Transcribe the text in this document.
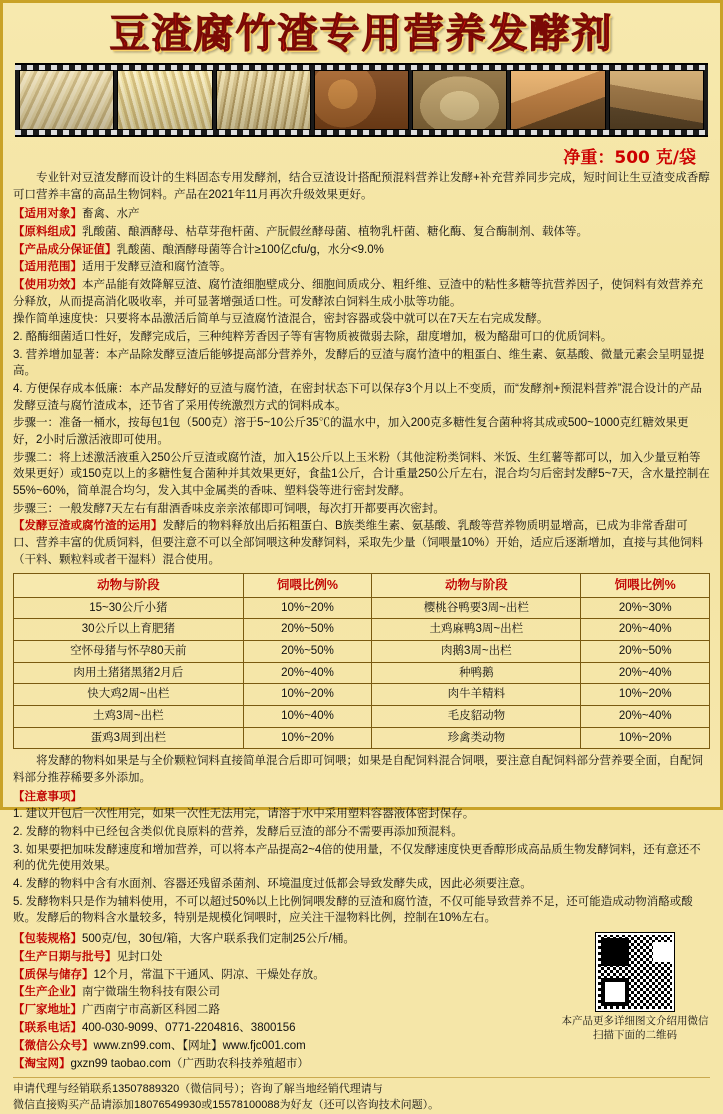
豆渣腐竹渣专用营养发酵剂
净重：500 克/袋

专业针对豆渣发酵而设计的生料固态专用发酵剂，结合豆渣设计搭配预混料营养让发酵+补充营养同步完成，短时间让生豆渣变成香醇可口营养丰富的高品生物饲料。产品在2021年11月再次升级效果更好。

【适用对象】畜禽、水产
【原料组成】乳酸菌、酿酒酵母、枯草芽孢杆菌、产朊假丝酵母菌、植物乳杆菌、糖化酶、复合酶制剂、载体等。
【产品成分保证值】乳酸菌、酿酒酵母菌等合计≥100亿cfu/g，水分<9.0%
【适用范围】适用于发酵豆渣和腐竹渣等。
【使用功效】本产品能有效降解豆渣、腐竹渣细胞壁成分、细胞间质成分、粗纤维、豆渣中的粘性多糖等抗营养因子，使饲料有效营养充分释放，从而提高消化吸收率，并可显著增强适口性。可发酵浓白饲料生成小肽等功能。

操作简单速度快：只要将本品激活后简单与豆渣腐竹渣混合，密封容器或袋中就可以在7天左右完成发酵。

2. 酪酶细菌适口性好，发酵完成后，三种纯粹芳香因子等有害物质被微弱去除，甜度增加，极为酪甜可口的优质饲料。

3. 营养增加显著：本产品除发酵豆渣后能够提高部分营养外，发酵后的豆渣与腐竹渣中的粗蛋白、维生素、氨基酸、微量元素会呈明显提高。

4. 方便保存成本低廉：本产品发酵好的豆渣与腐竹渣，在密封状态下可以保存3个月以上不变质，而“发酵剂+预混料营养”混合设计的产品发酵豆渣与腐竹渣成本，还节省了采用传统激烈方式的饲料成本。

步骤一：准备一桶水，按每包1包（500克）溶于5~10公斤35℃的温水中，加入200克多糖性复合菌种将其成或500~1000克红糖效果更好，2小时后激活液即可使用。

步骤二：将上述激活液重入250公斤豆渣或腐竹渣，加入15公斤以上玉米粉（其他淀粉类饲料、米饭、生红薯等都可以，加入少量豆粕等效果更好）或150克以上的多糖性复合菌种并其效果更好，食盐1公斤，合计重量250公斤左右，混合均匀后密封发酵5~7天，含水量控制在55%~60%，简单混合均匀，发入其中金属类的香味、塑料袋等进行密封发酵。

步骤三：一般发酵7天左右有甜酒香味皮亲亲浓郁即可饲喂，每次打开都要再次密封。

【发酵豆渣或腐竹渣的运用】发酵后的物料释放出后拓粗蛋白、B族类维生素、氨基酸、乳酸等营养物质明显增高，已成为非常香甜可口、营养丰富的优质饲料，但要注意不可以全部饲喂这种发酵饲料，采取先少量（饲喂量10%）开始，适应后逐渐增加，直接与其他饲料（干料、颗粒料或者干湿料）混合使用。
动物与阶段	饲喂比例%	动物与阶段	饲喂比例%
15~30公斤小猪	10%~20%	樱桃谷鸭要3周~出栏	20%~30%
30公斤以上育肥猪	20%~50%	土鸡麻鸭3周~出栏	20%~40%
空怀母猪与怀孕80天前	20%~50%	肉鹅3周~出栏	20%~50%
肉用土猪猪黑猪2月后	20%~40%	种鸭鹅	20%~40%
快大鸡2周~出栏	10%~20%	肉牛羊精料	10%~20%
土鸡3周~出栏	10%~40%	毛皮貂动物	20%~40%
蛋鸡3周到出栏	10%~20%	珍禽类动物	10%~20%

将发酵的物料如果是与全价颗粒饲料直接简单混合后即可饲喂；如果是自配饲料混合饲喂，要注意自配饲料部分营养要全面，自配饲料部分推荐稀要多外添加。

【注意事项】

1. 建议开包后一次性用完，如果一次性无法用完，请溶于水中采用塑料容器液体密封保存。

2. 发酵的物料中已经包含类似优良原料的营养，发酵后豆渣的部分不需要再添加预混料。

3. 如果要把加味发酵速度和增加营养，可以将本产品提高2~4倍的使用量，不仅发酵速度快更香醇形成高品质生物发酵饲料，还有意还不利的优先使用效果。

4. 发酵的物料中含有水面剂、容器还残留杀菌剂、环境温度过低都会导致发酵失成，因此必须要注意。

5. 发酵物料只是作为辅料使用，不可以超过50%以上比例饲喂发酵的豆渣和腐竹渣，不仅可能导致营养不足，还可能造成动物消酪或酸败。发酵后的物料含水量较多，特别是规模化饲喂时，应关注干湿物料比例，控制在10%左右。

【包装规格】500克/包，30包/箱，大客户联系我们定制25公斤/桶。
【生产日期与批号】见封口处
【质保与储存】12个月，常温下干通风、阴凉、干燥处存放。
【生产企业】南宁微瑞生物科技有限公司
【厂家地址】广西南宁市高新区科园二路
【联系电话】400-030-9099、0771-2204816、3800156
【微信公众号】www.zn99.com、【网址】www.fjc001.com
【淘宝网】gxzn99 taobao.com（广西助农科技养殖超市）
本产品更多详细图文介绍用微信扫描下面的二维码
申请代理与经销联系13507889320（微信同号）；咨询了解当地经销代理请与
微信直接购买产品请添加18076549930或15578100088为好友（还可以咨询技术问题）。
